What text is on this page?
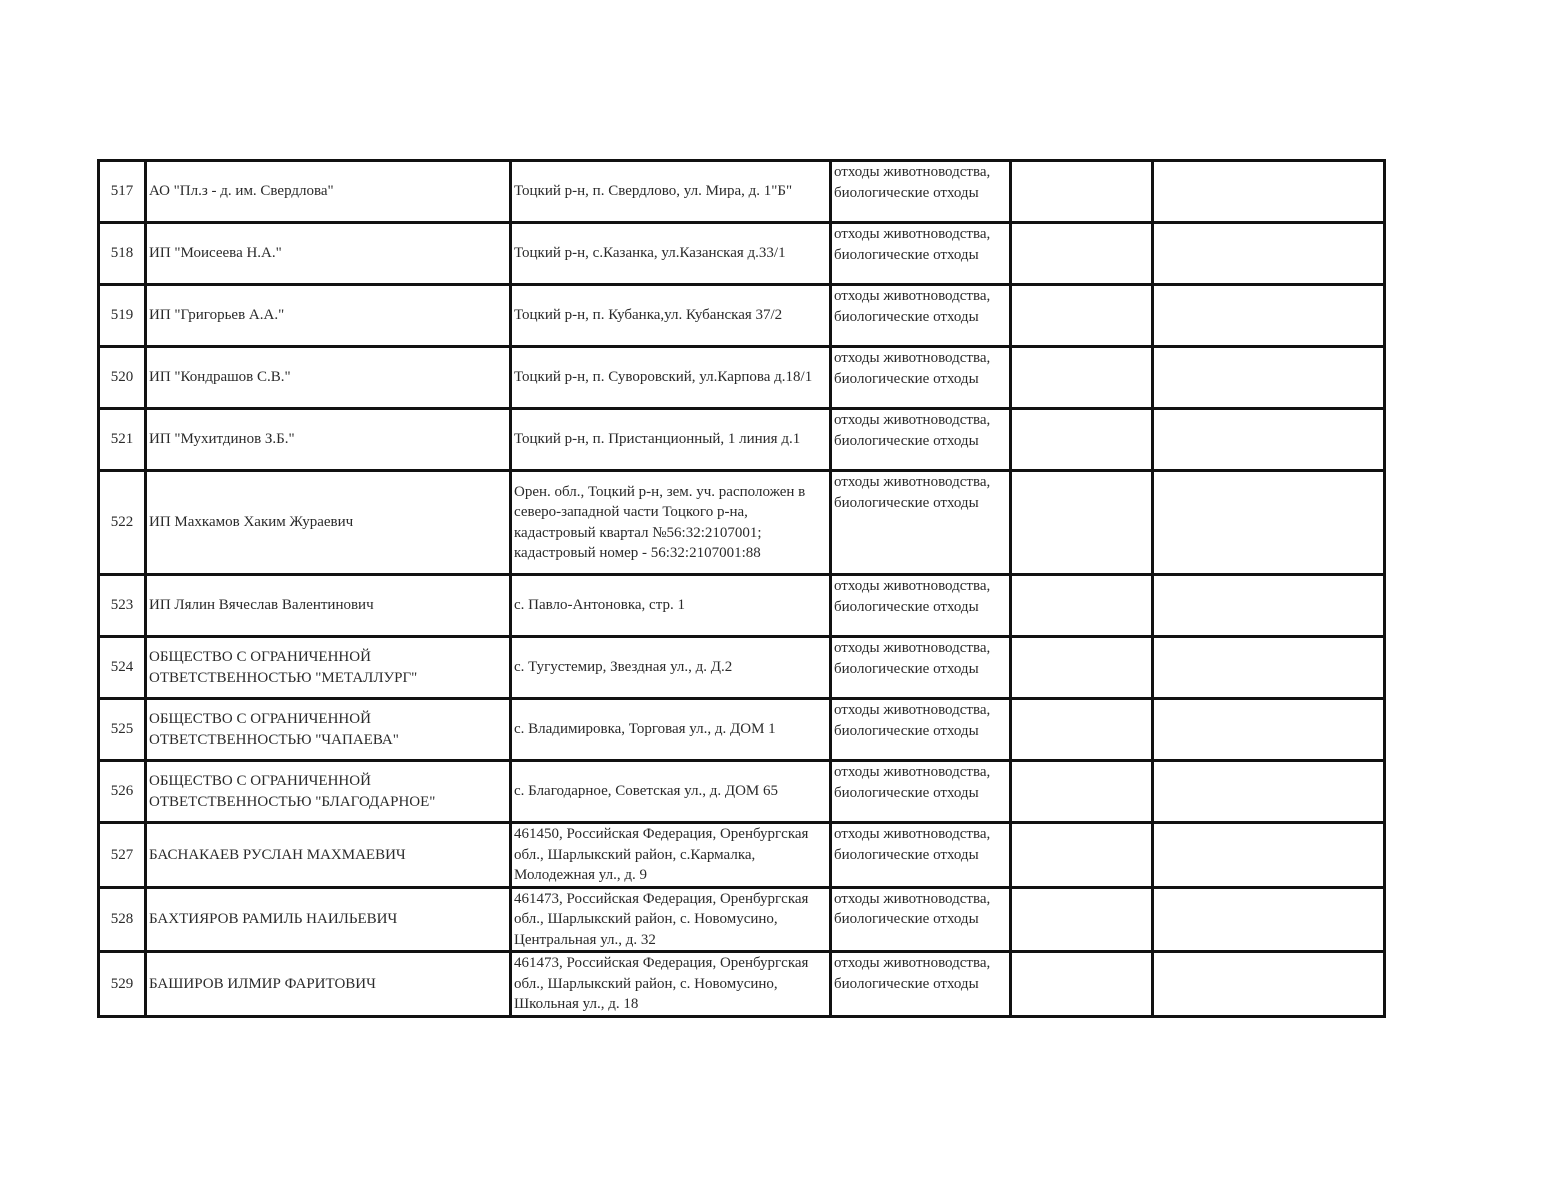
517	АО "Пл.з - д. им. Свердлова"	Тоцкий р-н, п. Свердлово, ул. Мира, д. 1"Б"	отходы животноводства, биологические отходы		
518	ИП "Моисеева Н.А."	Тоцкий р-н, с.Казанка, ул.Казанская д.33/1	отходы животноводства, биологические отходы		
519	ИП "Григорьев А.А."	Тоцкий р-н, п. Кубанка,ул. Кубанская 37/2	отходы животноводства, биологические отходы		
520	ИП "Кондрашов С.В."	Тоцкий р-н, п. Суворовский, ул.Карпова д.18/1	отходы животноводства, биологические отходы		
521	ИП "Мухитдинов З.Б."	Тоцкий р-н, п. Пристанционный, 1 линия д.1	отходы животноводства, биологические отходы		
522	ИП Махкамов Хаким Жураевич	Орен. обл., Тоцкий р-н, зем. уч. расположен в северо-западной части Тоцкого р-на, кадастровый квартал №56:32:2107001; кадастровый номер - 56:32:2107001:88	отходы животноводства, биологические отходы		
523	ИП Лялин Вячеслав Валентинович	с. Павло-Антоновка, стр. 1	отходы животноводства, биологические отходы		
524	ОБЩЕСТВО С ОГРАНИЧЕННОЙ ОТВЕТСТВЕННОСТЬЮ "МЕТАЛЛУРГ"	с. Тугустемир, Звездная ул., д. Д.2	отходы животноводства, биологические отходы		
525	ОБЩЕСТВО С ОГРАНИЧЕННОЙ ОТВЕТСТВЕННОСТЬЮ "ЧАПАЕВА"	с. Владимировка, Торговая ул., д. ДОМ 1	отходы животноводства, биологические отходы		
526	ОБЩЕСТВО С ОГРАНИЧЕННОЙ ОТВЕТСТВЕННОСТЬЮ "БЛАГОДАРНОЕ"	с. Благодарное, Советская ул., д. ДОМ 65	отходы животноводства, биологические отходы		
527	БАСНАКАЕВ РУСЛАН МАХМАЕВИЧ	461450, Российская Федерация, Оренбургская обл., Шарлыкский район, с.Кармалка, Молодежная ул., д. 9	отходы животноводства, биологические отходы		
528	БАХТИЯРОВ РАМИЛЬ НАИЛЬЕВИЧ	461473, Российская Федерация, Оренбургская обл., Шарлыкский район, с. Новомусино, Центральная ул., д. 32	отходы животноводства, биологические отходы		
529	БАШИРОВ ИЛМИР ФАРИТОВИЧ	461473, Российская Федерация, Оренбургская обл., Шарлыкский район, с. Новомусино, Школьная ул., д. 18	отходы животноводства, биологические отходы		
